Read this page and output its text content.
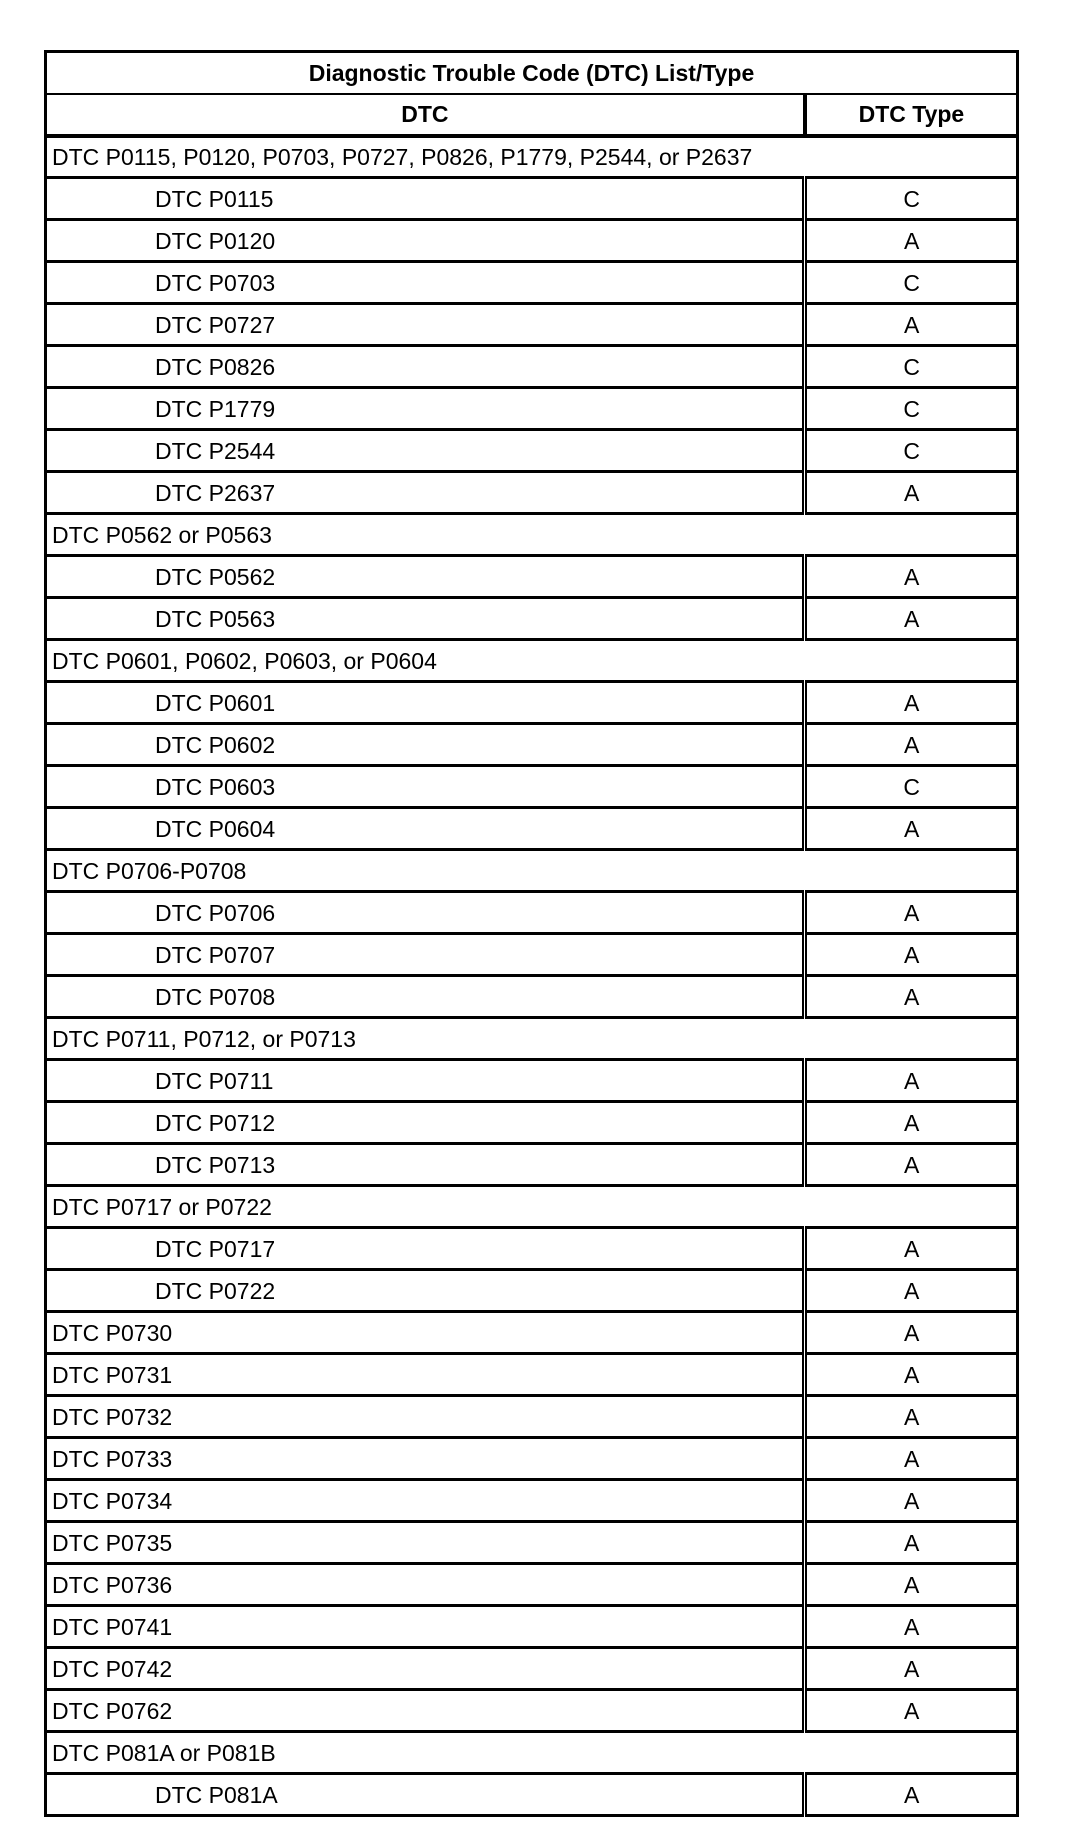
Diagnostic Trouble Code (DTC) List/Type	
DTC	DTC Type
DTC P0115, P0120, P0703, P0727, P0826, P1779, P2544, or P2637	
DTC P0115	C
DTC P0120	A
DTC P0703	C
DTC P0727	A
DTC P0826	C
DTC P1779	C
DTC P2544	C
DTC P2637	A
DTC P0562 or P0563	
DTC P0562	A
DTC P0563	A
DTC P0601, P0602, P0603, or P0604	
DTC P0601	A
DTC P0602	A
DTC P0603	C
DTC P0604	A
DTC P0706-P0708	
DTC P0706	A
DTC P0707	A
DTC P0708	A
DTC P0711, P0712, or P0713	
DTC P0711	A
DTC P0712	A
DTC P0713	A
DTC P0717 or P0722	
DTC P0717	A
DTC P0722	A
DTC P0730	A
DTC P0731	A
DTC P0732	A
DTC P0733	A
DTC P0734	A
DTC P0735	A
DTC P0736	A
DTC P0741	A
DTC P0742	A
DTC P0762	A
DTC P081A or P081B	
DTC P081A	A
